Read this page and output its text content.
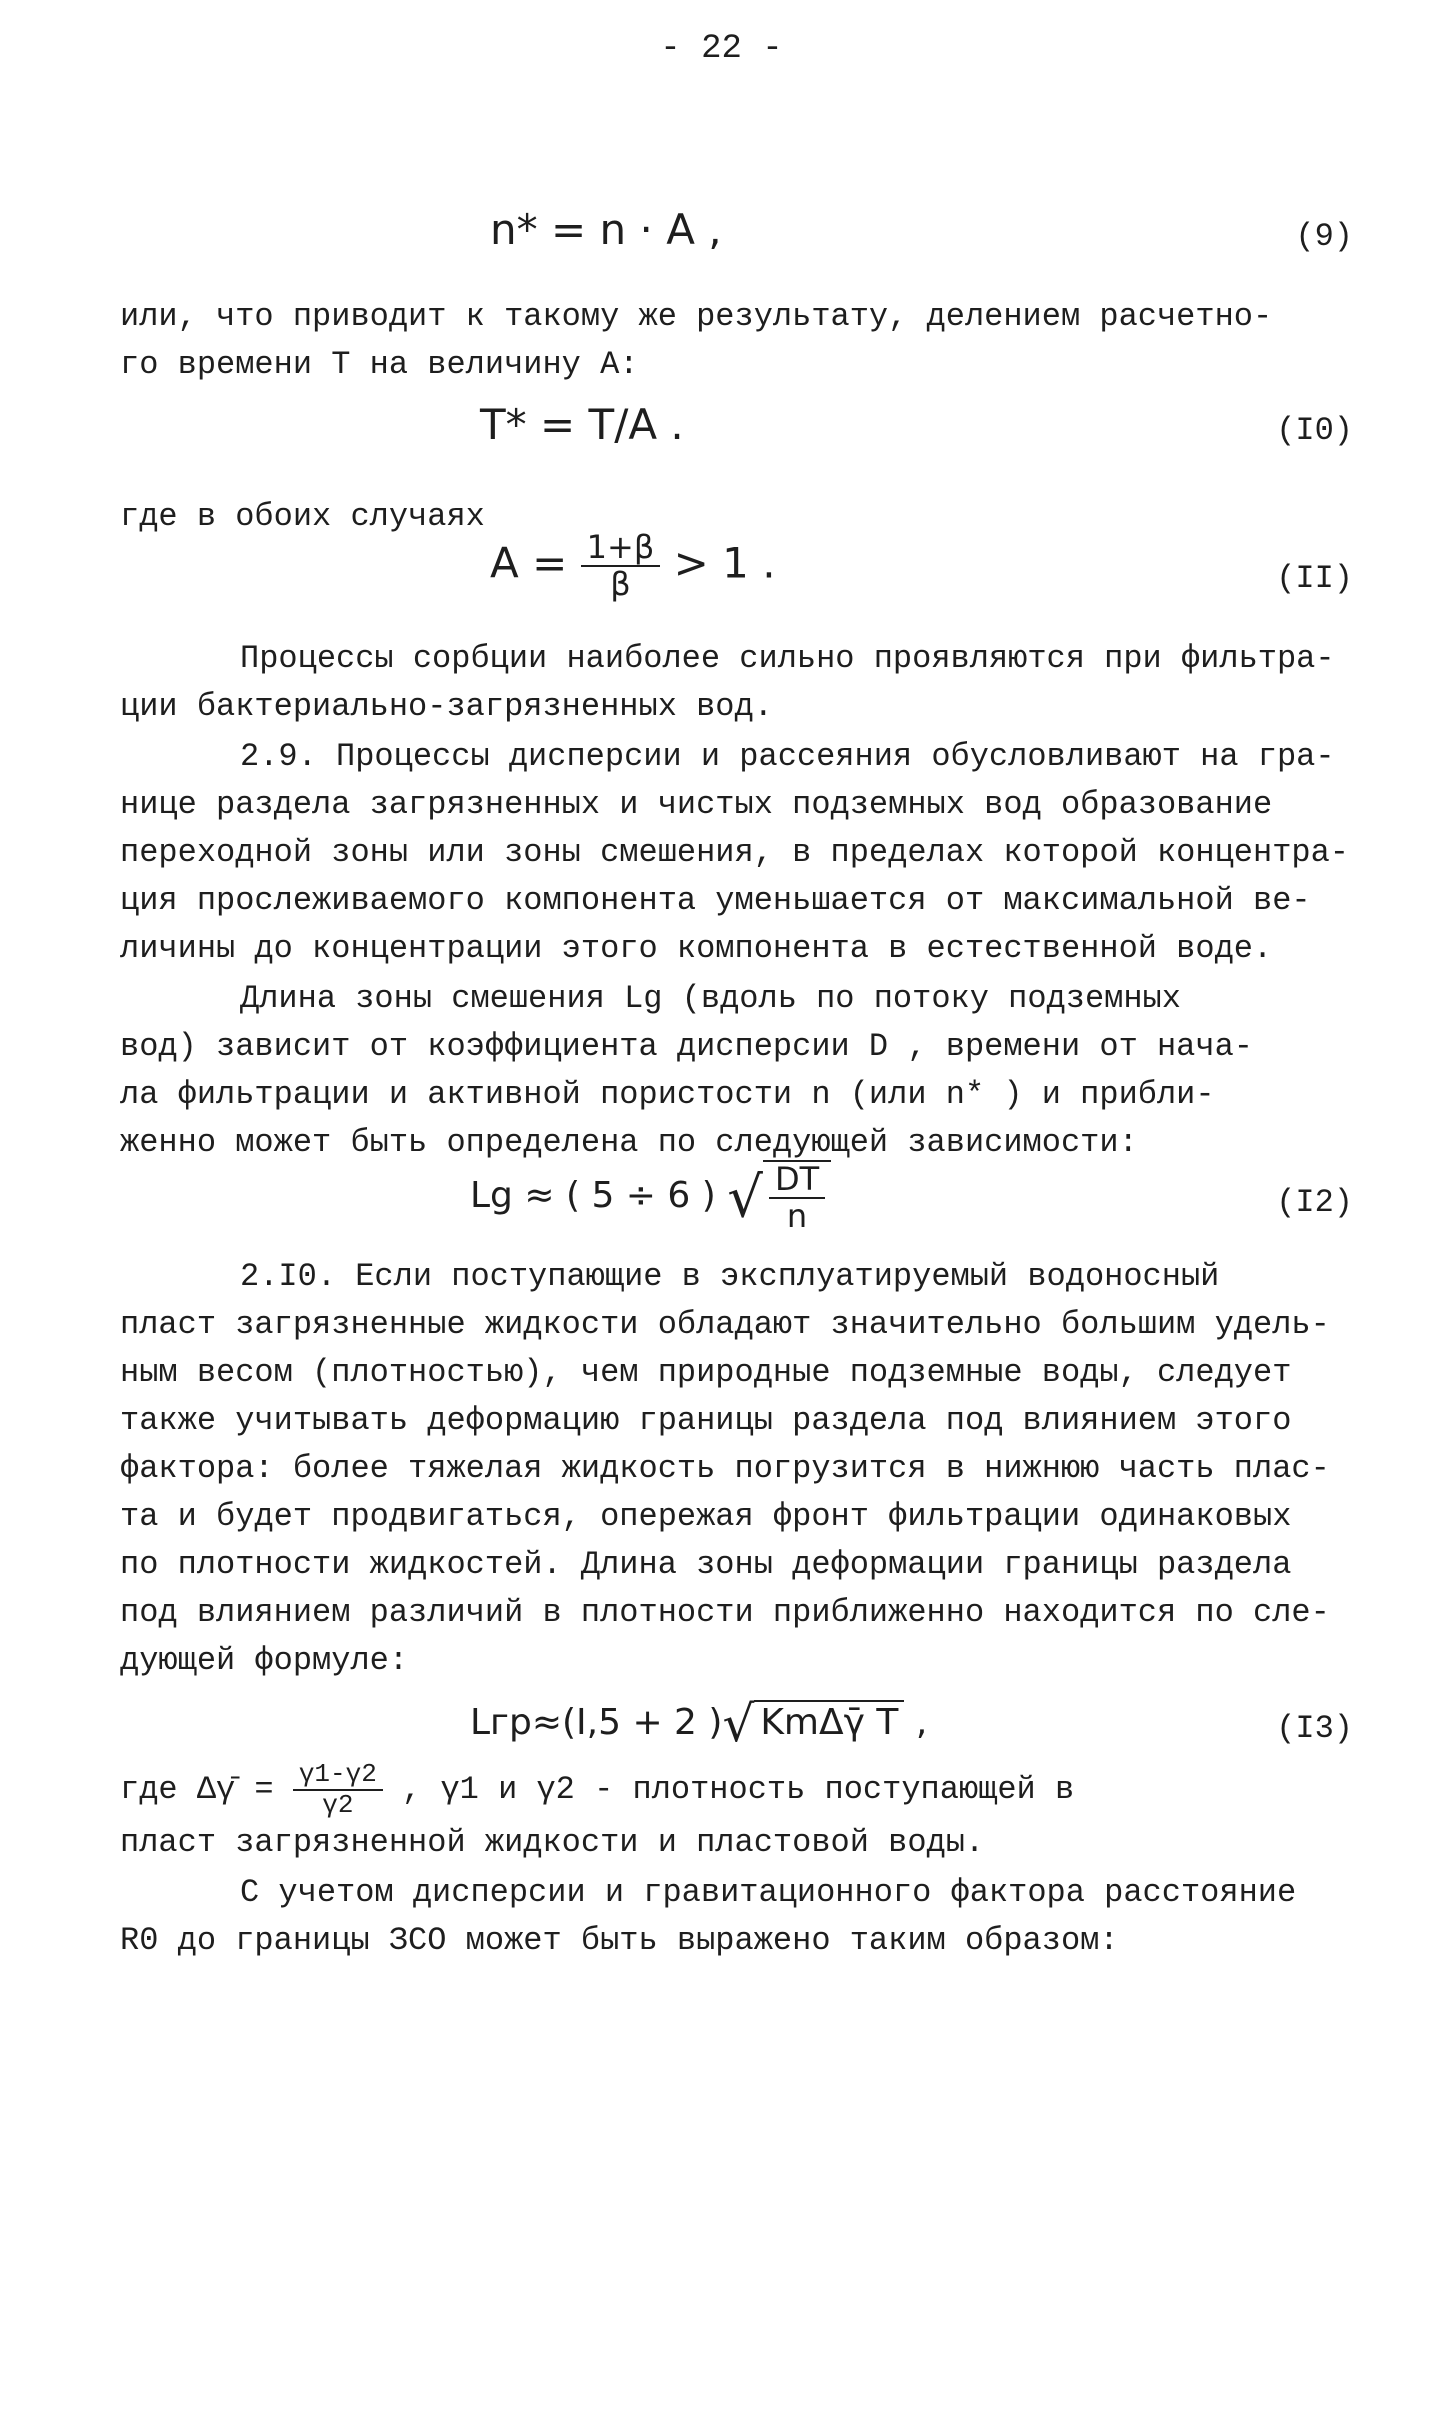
- 22 -
n* = n · A ,	(9)
или, что приводит к такому же результату, делением расчетно-
го времени T на величину A:
T* = T/A .	(I0)
где в обоих случаях
$A = \frac{1+\beta}{\beta} > 1$ .	(II)
Процессы сорбции наиболее сильно проявляются при фильтра-
ции бактериально-загрязненных вод.
2.9. Процессы дисперсии и рассеяния обусловливают на гра-
нице раздела загрязненных и чистых подземных вод образование
переходной зоны или зоны смешения, в пределах которой концентра-
ция прослеживаемого компонента уменьшается от максимальной ве-
личины до концентрации этого компонента в естественной воде.
Длина зоны смешения Lg (вдоль по потоку подземных
вод) зависит от коэффициента дисперсии D , времени от нача-
ла фильтрации и активной пористости n (или n* ) и прибли-
женно может быть определена по следующей зависимости:
Lg ≈ ( 5 ÷ 6 ) √ $\frac{DT}{n}$	(I2)
2.I0. Если поступающие в эксплуатируемый водоносный
пласт загрязненные жидкости обладают значительно большим удель-
ным весом (плотностью), чем природные подземные воды, следует
также учитывать деформацию границы раздела под влиянием этого
фактора: более тяжелая жидкость погрузится в нижнюю часть плас-
та и будет продвигаться, опережая фронт фильтрации одинаковых
по плотности жидкостей. Длина зоны деформации границы раздела
под влиянием различий в плотности приближенно находится по сле-
дующей формуле:
Lгр≈(I,5 + 2 )√ KmΔγ̄ T ,	(I3)
где Δγ̄ = $\frac{\gamma 1-\gamma 2}{\gamma 2}$ , γ1 и γ2 - плотность поступающей в
пласт загрязненной жидкости и пластовой воды.
С учетом дисперсии и гравитационного фактора расстояние
R0 до границы ЗСО может быть выражено таким образом:
